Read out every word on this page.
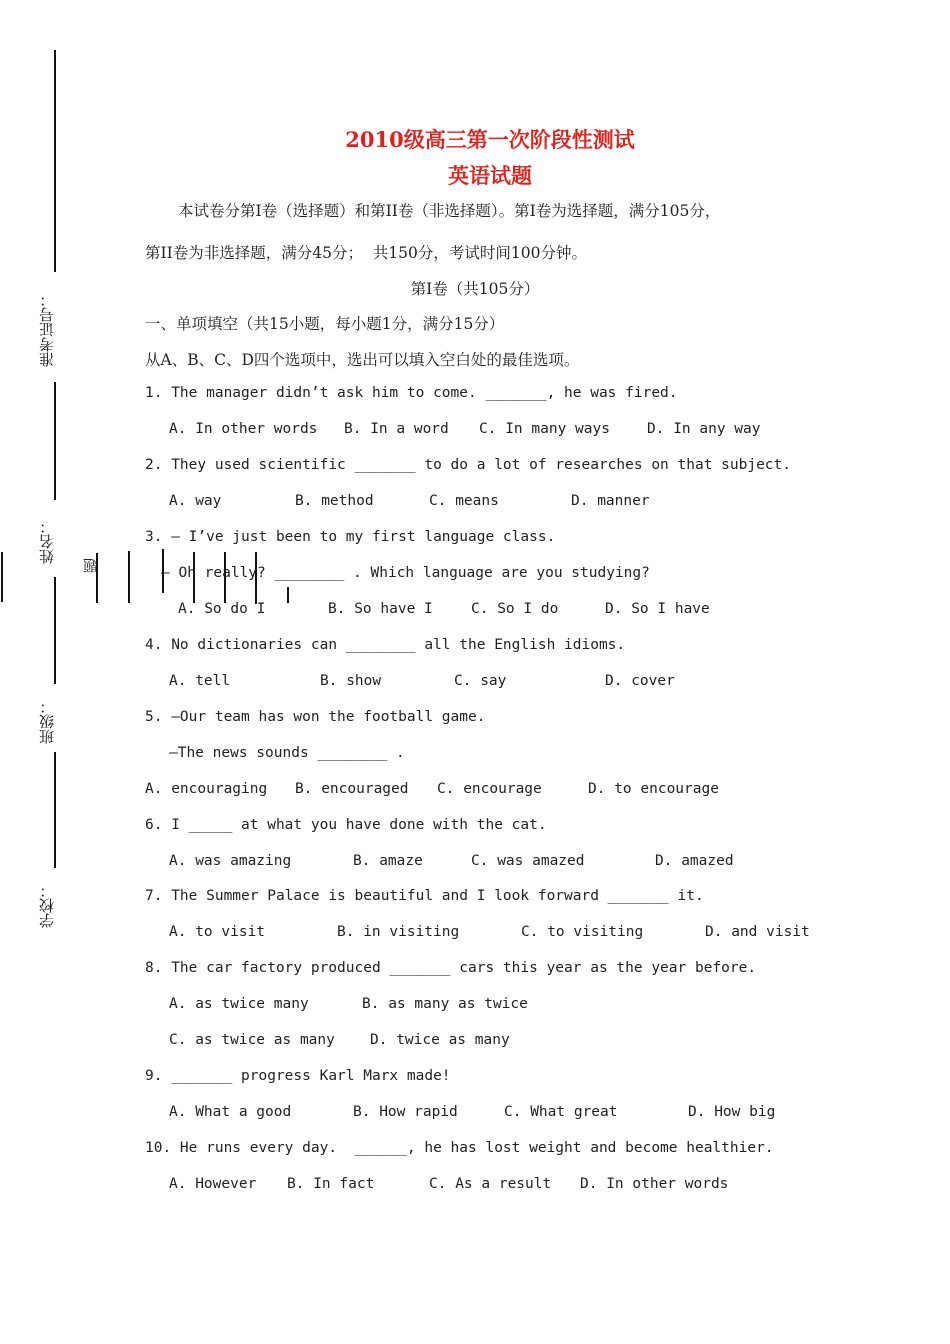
准考证号：
姓名：
班级：
学校：
题
2010级高三第一次阶段性测试
英语试题
本试卷分第I卷（选择题）和第II卷（非选择题）。第I卷为选择题，满分105分，
第II卷为非选择题，满分45分；  共150分，考试时间100分钟。
第I卷（共105分）
一、单项填空（共15小题，每小题1分，满分15分）
从A、B、C、D四个选项中，选出可以填入空白处的最佳选项。
1. The manager didn’t ask him to come. _______, he was fired.
A. In other words B. In a word C. In many ways	D. In any way
2. They used scientific _______ to do a lot of researches on that subject.
A. way	B. method	C. means	D. manner
3. — I’ve just been to my first language class.
— Oh really? ________ . Which language are you studying?
A. So do I	B. So have I	C. So I do	D. So I have
4. No dictionaries can ________ all the English idioms.
A. tell	B. show	C. say	D. cover
5. —Our team has won the football game.
—The news sounds ________ .
A. encouraging B. encouraged C. encourage	D. to encourage
6. I _____ at what you have done with the cat.
A. was amazing	B. amaze	C. was amazed	D. amazed
7. The Summer Palace is beautiful and I look forward _______ it.
A. to visit	B. in visiting	C. to visiting	D. and visit
8. The car factory produced _______ cars this year as the year before.
A. as twice many	B. as many as twice
C. as twice as many D. twice as many
9. _______ progress Karl Marx made!
A. What a good	B. How rapid	C. What great	D. How big
10. He runs every day.  ______, he has lost weight and become healthier.
A. However B. In fact	C. As a result D. In other words
